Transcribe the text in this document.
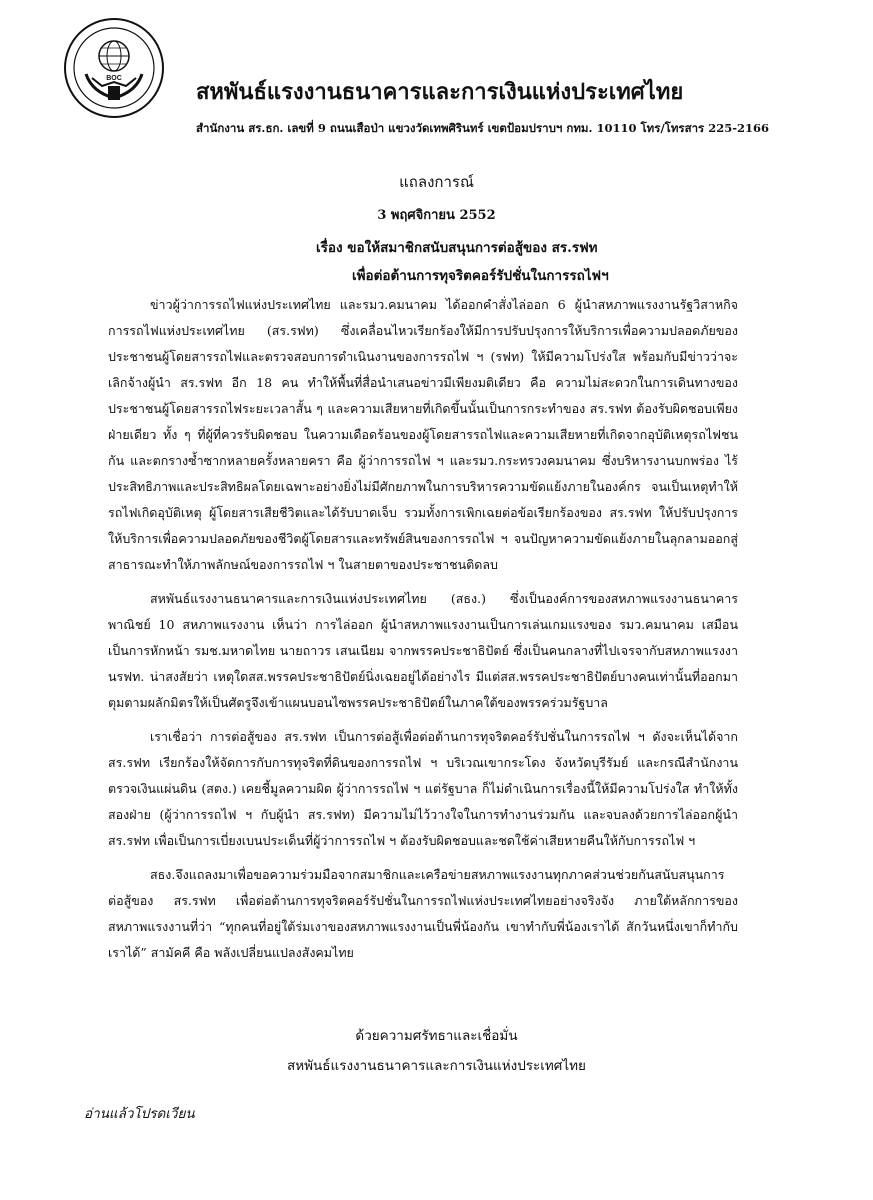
BOC
สหพันธ์แรงงานธนาคารและการเงินแห่งประเทศไทย
สำนักงาน สร.ธก. เลขที่ 9 ถนนเสือป่า แขวงวัดเทพศิรินทร์ เขตป้อมปราบฯ กทม. 10110 โทร/โทรสาร 225-2166
แถลงการณ์
3 พฤศจิกายน 2552
เรื่อง ขอให้สมาชิกสนับสนุนการต่อสู้ของ สร.รฟท
เพื่อต่อต้านการทุจริตคอร์รัปชั่นในการรถไฟฯ

ข่าวผู้ว่าการรถไฟแห่งประเทศไทย และรมว.คมนาคม ได้ออกคำสั่งไล่ออก 6 ผู้นำสหภาพแรงงานรัฐวิสาหกิจการรถไฟแห่งประเทศไทย (สร.รฟท) ซึ่งเคลื่อนไหวเรียกร้องให้มีการปรับปรุงการให้บริการเพื่อความปลอดภัยของประชาชนผู้โดยสารรถไฟและตรวจสอบการดำเนินงานของการรถไฟ ฯ (รฟท) ให้มีความโปร่งใส พร้อมกับมีข่าวว่าจะเลิกจ้างผู้นำ สร.รฟท อีก 18 คน ทำให้พื้นที่สื่อนำเสนอข่าวมีเพียงมติเดียว คือ ความไม่สะดวกในการเดินทางของประชาชนผู้โดยสารรถไฟระยะเวลาสั้น ๆ และความเสียหายที่เกิดขึ้นนั้นเป็นการกระทำของ สร.รฟท ต้องรับผิดชอบเพียงฝ่ายเดียว ทั้ง ๆ ที่ผู้ที่ควรรับผิดชอบ ในความเดือดร้อนของผู้โดยสารรถไฟและความเสียหายที่เกิดจากอุบัติเหตุรถไฟชนกัน และตกรางซ้ำซากหลายครั้งหลายครา คือ ผู้ว่าการรถไฟ ฯ และรมว.กระทรวงคมนาคม ซึ่งบริหารงานบกพร่อง ไร้ประสิทธิภาพและประสิทธิผลโดยเฉพาะอย่างยิ่งไม่มีศักยภาพในการบริหารความขัดแย้งภายในองค์กร จนเป็นเหตุทำให้รถไฟเกิดอุบัติเหตุ ผู้โดยสารเสียชีวิตและได้รับบาดเจ็บ รวมทั้งการเพิกเฉยต่อข้อเรียกร้องของ สร.รฟท ให้ปรับปรุงการให้บริการเพื่อความปลอดภัยของชีวิตผู้โดยสารและทรัพย์สินของการรถไฟ ฯ จนปัญหาความขัดแย้งภายในลุกลามออกสู่สาธารณะทำให้ภาพลักษณ์ของการรถไฟ ฯ ในสายตาของประชาชนติดลบ

สหพันธ์แรงงานธนาคารและการเงินแห่งประเทศไทย (สธง.) ซึ่งเป็นองค์การของสหภาพแรงงานธนาคารพาณิชย์ 10 สหภาพแรงงาน เห็นว่า การไล่ออก ผู้นำสหภาพแรงงานเป็นการเล่นเกมแรงของ รมว.คมนาคม เสมือนเป็นการหักหน้า รมช.มหาดไทย นายถาวร เสนเนียม จากพรรคประชาธิปัตย์ ซึ่งเป็นคนกลางที่ไปเจรจากับสหภาพแรงงานรฟท. น่าสงสัยว่า เหตุใดสส.พรรคประชาธิปัตย์นิ่งเฉยอยู่ได้อย่างไร มีแต่สส.พรรคประชาธิปัตย์บางคนเท่านั้นที่ออกมาตุมตามผลักมิตรให้เป็นศัตรูจึงเข้าแผนบอนไซพรรคประชาธิปัตย์ในภาคใต้ของพรรคร่วมรัฐบาล

เราเชื่อว่า การต่อสู้ของ สร.รฟท เป็นการต่อสู้เพื่อต่อต้านการทุจริตคอร์รัปชั่นในการรถไฟ ฯ ดังจะเห็นได้จาก สร.รฟท เรียกร้องให้จัดการกับการทุจริตที่ดินของการรถไฟ ฯ บริเวณเขากระโดง จังหวัดบุรีรัมย์ และกรณีสำนักงานตรวจเงินแผ่นดิน (สตง.) เคยชี้มูลความผิด ผู้ว่าการรถไฟ ฯ แต่รัฐบาล ก็ไม่ดำเนินการเรื่องนี้ให้มีความโปร่งใส ทำให้ทั้งสองฝ่าย (ผู้ว่าการรถไฟ ฯ กับผู้นำ สร.รฟท) มีความไม่ไว้วางใจในการทำงานร่วมกัน และจบลงด้วยการไล่ออกผู้นำ สร.รฟท เพื่อเป็นการเบี่ยงเบนประเด็นที่ผู้ว่าการรถไฟ ฯ ต้องรับผิดชอบและชดใช้ค่าเสียหายคืนให้กับการรถไฟ ฯ

สธง.จึงแถลงมาเพื่อขอความร่วมมือจากสมาชิกและเครือข่ายสหภาพแรงงานทุกภาคส่วนช่วยกันสนับสนุนการต่อสู้ของ สร.รฟท เพื่อต่อต้านการทุจริตคอร์รัปชั่นในการรถไฟแห่งประเทศไทยอย่างจริงจัง ภายใต้หลักการของสหภาพแรงงานที่ว่า “ทุกคนที่อยู่ใต้ร่มเงาของสหภาพแรงงานเป็นพี่น้องกัน เขาทำกับพี่น้องเราได้ สักวันหนึ่งเขาก็ทำกับเราได้” สามัคคี คือ พลังเปลี่ยนแปลงสังคมไทย

ด้วยความศรัทธาและเชื่อมั่น
สหพันธ์แรงงานธนาคารและการเงินแห่งประเทศไทย
อ่านแล้วโปรดเวียน
